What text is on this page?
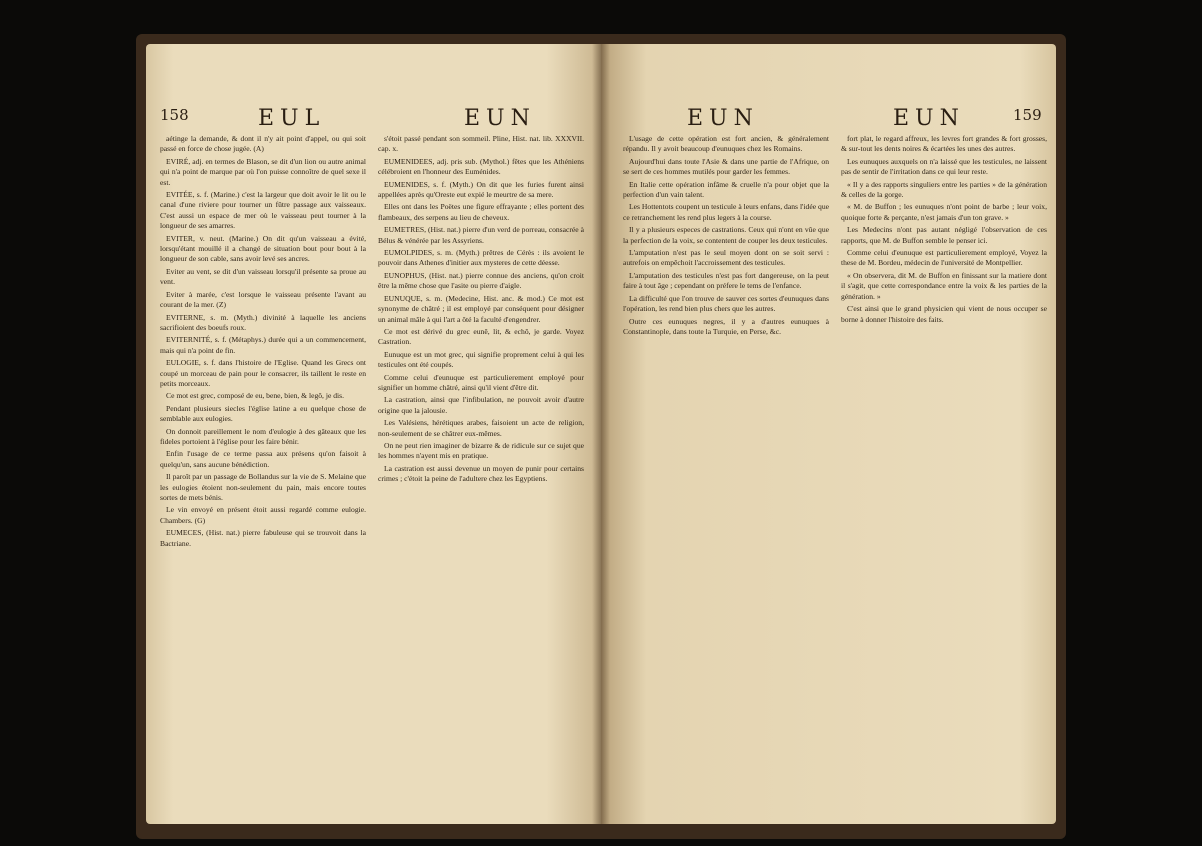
158	EUL	EUN

aétinge la demande, & dont il n'y ait point d'appel, ou qui soit passé en force de chose jugée. (A)

EVIRÉ, adj. en termes de Blason, se dit d'un lion ou autre animal qui n'a point de marque par où l'on puisse connoître de quel sexe il est.

EVITÉE, s. f. (Marine.) c'est la largeur que doit avoir le lit ou le canal d'une riviere pour tourner un fûtre passage aux vaisseaux. C'est aussi un espace de mer où le vaisseau peut tourner à la longueur de ses amarres.

EVITER, v. neut. (Marine.) On dit qu'un vaisseau a évité, lorsqu'étant mouillé il a changé de situation bout pour bout à la longueur de son cable, sans avoir levé ses ancres.

Eviter au vent, se dit d'un vaisseau lorsqu'il présente sa proue au vent.

Eviter à marée, c'est lorsque le vaisseau présente l'avant au courant de la mer. (Z)

EVITERNE, s. m. (Myth.) divinité à laquelle les anciens sacrifioient des boeufs roux.

EVITERNITÉ, s. f. (Métaphys.) durée qui a un commencement, mais qui n'a point de fin.

EULOGIE, s. f. dans l'histoire de l'Eglise. Quand les Grecs ont coupé un morceau de pain pour le consacrer, ils taillent le reste en petits morceaux.

Ce mot est grec, composé de eu, bene, bien, & legô, je dis.

Pendant plusieurs siecles l'église latine a eu quelque chose de semblable aux eulogies.

On donnoit pareillement le nom d'eulogie à des gâteaux que les fideles portoient à l'église pour les faire bénir.

Enfin l'usage de ce terme passa aux présens qu'on faisoit à quelqu'un, sans aucune bénédiction.

Il paroît par un passage de Bollandus sur la vie de S. Melaine que les eulogies étoient non-seulement du pain, mais encore toutes sortes de mets bénis.

Le vin envoyé en présent étoit aussi regardé comme eulogie. Chambers. (G)

EUMECES, (Hist. nat.) pierre fabuleuse qui se trouvoit dans la Bactriane.

s'étoit passé pendant son sommeil. Pline, Hist. nat. lib. XXXVII. cap. x.

EUMENIDEES, adj. pris sub. (Mythol.) fêtes que les Athéniens célébroient en l'honneur des Euménides.

EUMENIDES, s. f. (Myth.) On dit que les furies furent ainsi appellées après qu'Oreste eut expié le meurtre de sa mere.

Elles ont dans les Poëtes une figure effrayante ; elles portent des flambeaux, des serpens au lieu de cheveux.

EUMETRES, (Hist. nat.) pierre d'un verd de porreau, consacrée à Bélus & vénérée par les Assyriens.

EUMOLPIDES, s. m. (Myth.) prêtres de Cérès : ils avoient le pouvoir dans Athenes d'initier aux mysteres de cette déesse.

EUNOPHUS, (Hist. nat.) pierre connue des anciens, qu'on croit être la même chose que l'asite ou pierre d'aigle.

EUNUQUE, s. m. (Medecine, Hist. anc. & mod.) Ce mot est synonyme de châtré ; il est employé par conséquent pour désigner un animal mâle à qui l'art a ôté la faculté d'engendrer.

Ce mot est dérivé du grec eunê, lit, & echô, je garde. Voyez Castration.

Eunuque est un mot grec, qui signifie proprement celui à qui les testicules ont été coupés.

Comme celui d'eunuque est particulierement employé pour signifier un homme châtré, ainsi qu'il vient d'être dit.

La castration, ainsi que l'infibulation, ne pouvoit avoir d'autre origine que la jalousie.

Les Valésiens, hérétiques arabes, faisoient un acte de religion, non-seulement de se châtrer eux-mêmes.

On ne peut rien imaginer de bizarre & de ridicule sur ce sujet que les hommes n'ayent mis en pratique.

La castration est aussi devenue un moyen de punir pour certains crimes ; c'étoit la peine de l'adultere chez les Egyptiens.

EUN	EUN	159

L'usage de cette opération est fort ancien, & généralement répandu. Il y avoit beaucoup d'eunuques chez les Romains.

Aujourd'hui dans toute l'Asie & dans une partie de l'Afrique, on se sert de ces hommes mutilés pour garder les femmes.

En Italie cette opération infâme & cruelle n'a pour objet que la perfection d'un vain talent.

Les Hottentots coupent un testicule à leurs enfans, dans l'idée que ce retranchement les rend plus legers à la course.

Il y a plusieurs especes de castrations. Ceux qui n'ont en vûe que la perfection de la voix, se contentent de couper les deux testicules.

L'amputation n'est pas le seul moyen dont on se soit servi : autrefois on empêchoit l'accroissement des testicules.

L'amputation des testicules n'est pas fort dangereuse, on la peut faire à tout âge ; cependant on préfere le tems de l'enfance.

La difficulté que l'on trouve de sauver ces sortes d'eunuques dans l'opération, les rend bien plus chers que les autres.

Outre ces eunuques negres, il y a d'autres eunuques à Constantinople, dans toute la Turquie, en Perse, &c.

fort plat, le regard affreux, les levres fort grandes & fort grosses, & sur-tout les dents noires & écartées les unes des autres.

Les eunuques auxquels on n'a laissé que les testicules, ne laissent pas de sentir de l'irritation dans ce qui leur reste.

« Il y a des rapports singuliers entre les parties » de la génération & celles de la gorge.

« M. de Buffon ; les eunuques n'ont point de barbe ; leur voix, quoique forte & perçante, n'est jamais d'un ton grave. »

Les Medecins n'ont pas autant négligé l'observation de ces rapports, que M. de Buffon semble le penser ici.

Comme celui d'eunuque est particulierement employé, Voyez la these de M. Bordeu, médecin de l'université de Montpellier.

« On observera, dit M. de Buffon en finissant sur la matiere dont il s'agit, que cette correspondance entre la voix & les parties de la génération. »

C'est ainsi que le grand physicien qui vient de nous occuper se borne à donner l'histoire des faits.
